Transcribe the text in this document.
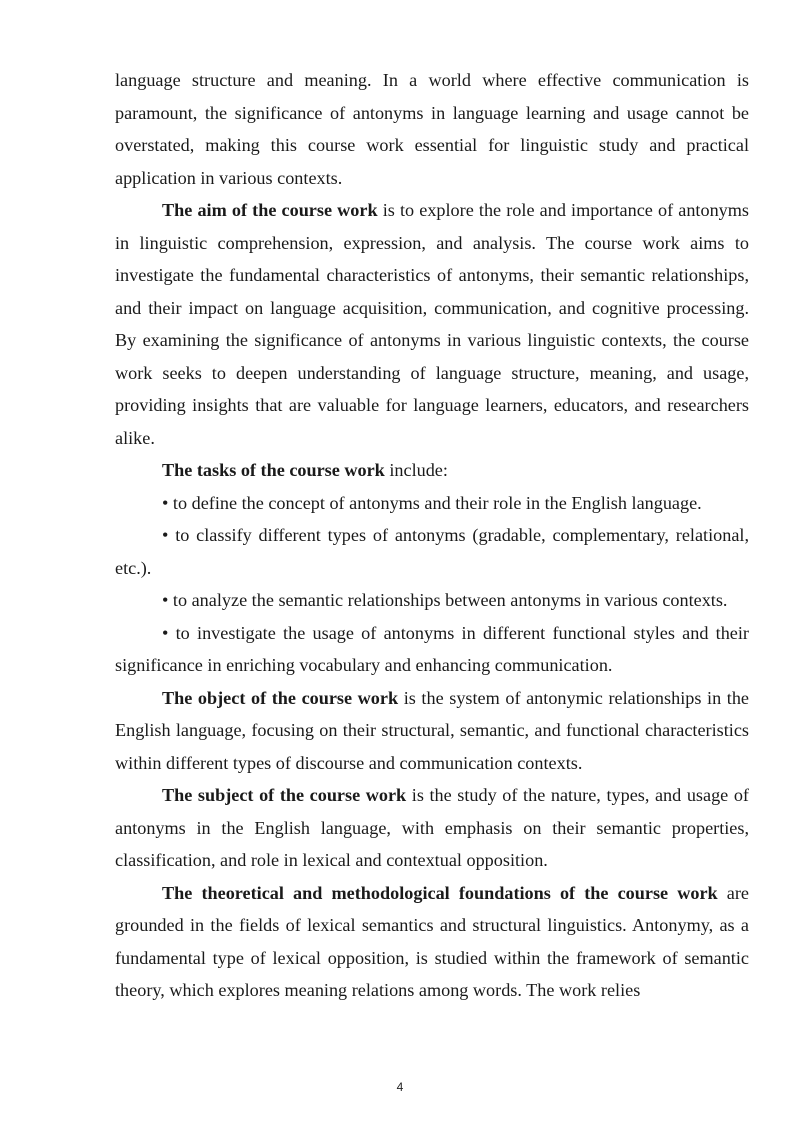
language structure and meaning. In a world where effective communication is paramount, the significance of antonyms in language learning and usage cannot be overstated, making this course work essential for linguistic study and practical application in various contexts.

The aim of the course work is to explore the role and importance of antonyms in linguistic comprehension, expression, and analysis. The course work aims to investigate the fundamental characteristics of antonyms, their semantic relationships, and their impact on language acquisition, communication, and cognitive processing. By examining the significance of antonyms in various linguistic contexts, the course work seeks to deepen understanding of language structure, meaning, and usage, providing insights that are valuable for language learners, educators, and researchers alike.

The tasks of the course work include:

• to define the concept of antonyms and their role in the English language.

• to classify different types of antonyms (gradable, complementary, relational, etc.).

• to analyze the semantic relationships between antonyms in various contexts.

• to investigate the usage of antonyms in different functional styles and their significance in enriching vocabulary and enhancing communication.

The object of the course work is the system of antonymic relationships in the English language, focusing on their structural, semantic, and functional characteristics within different types of discourse and communication contexts.

The subject of the course work is the study of the nature, types, and usage of antonyms in the English language, with emphasis on their semantic properties, classification, and role in lexical and contextual opposition.

The theoretical and methodological foundations of the course work are grounded in the fields of lexical semantics and structural linguistics. Antonymy, as a fundamental type of lexical opposition, is studied within the framework of semantic theory, which explores meaning relations among words. The work relies

4
